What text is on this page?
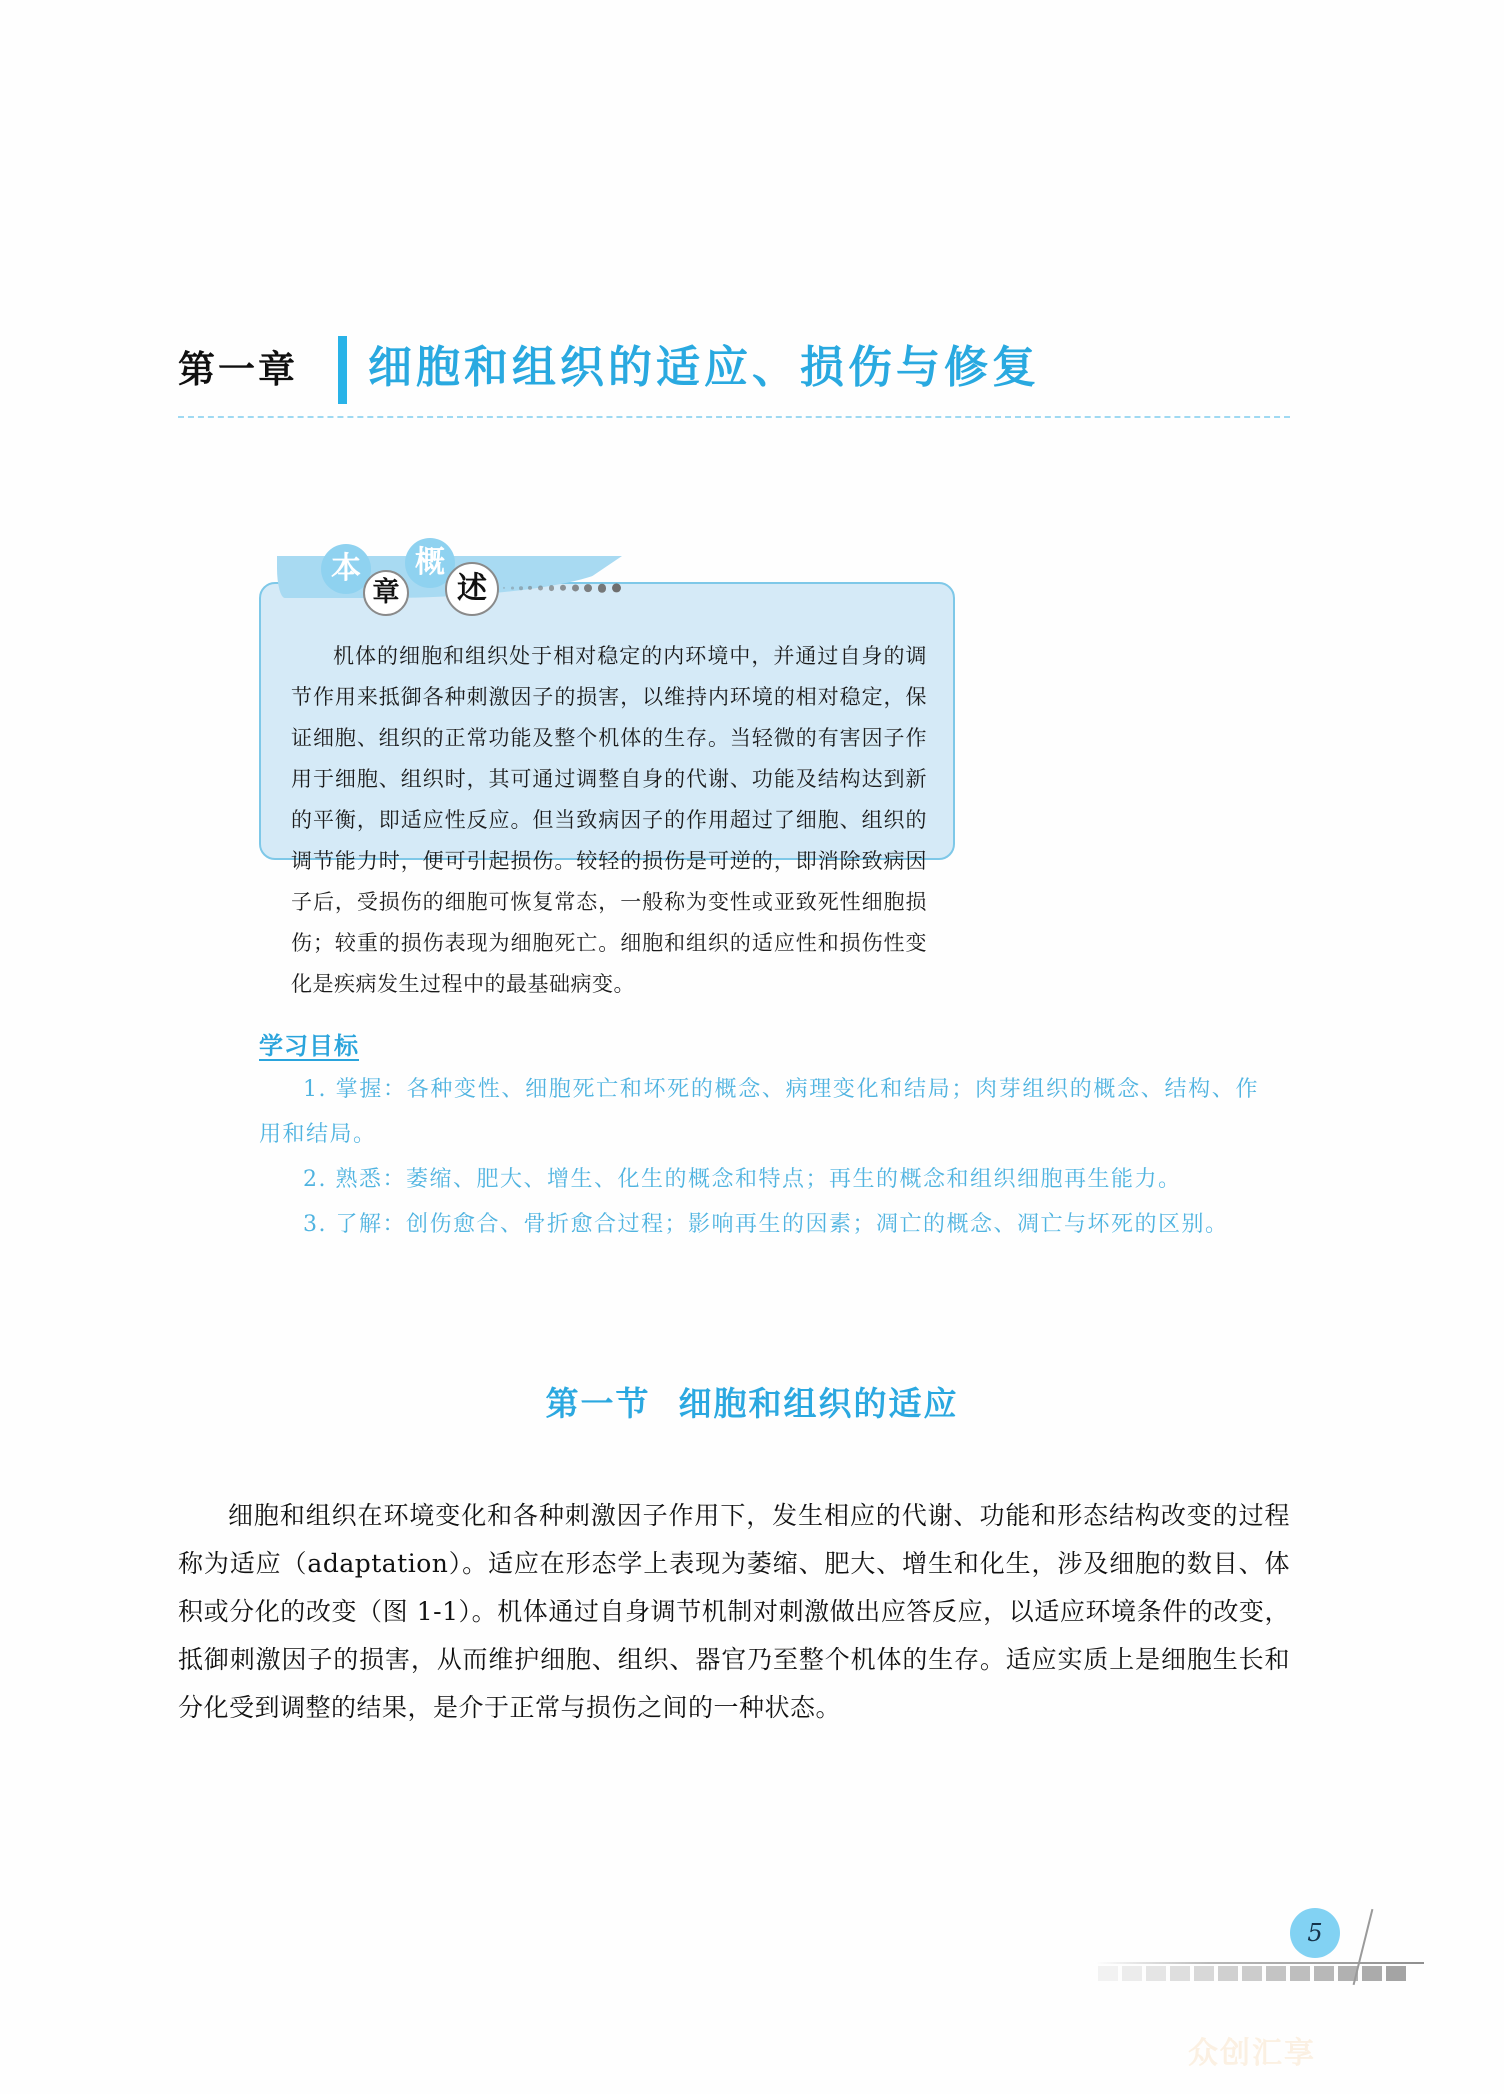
第一章 细胞和组织的适应、损伤与修复
机体的细胞和组织处于相对稳定的内环境中，并通过自身的调节作用来抵御各种刺激因子的损害，以维持内环境的相对稳定，保证细胞、组织的正常功能及整个机体的生存。当轻微的有害因子作用于细胞、组织时，其可通过调整自身的代谢、功能及结构达到新的平衡，即适应性反应。但当致病因子的作用超过了细胞、组织的调节能力时，便可引起损伤。较轻的损伤是可逆的，即消除致病因子后，受损伤的细胞可恢复常态，一般称为变性或亚致死性细胞损伤；较重的损伤表现为细胞死亡。细胞和组织的适应性和损伤性变化是疾病发生过程中的最基础病变。
本	概
章	述
学习目标
1. 掌握：各种变性、细胞死亡和坏死的概念、病理变化和结局；肉芽组织的概念、结构、作用和结局。
2. 熟悉：萎缩、肥大、增生、化生的概念和特点；再生的概念和组织细胞再生能力。
3. 了解：创伤愈合、骨折愈合过程；影响再生的因素；凋亡的概念、凋亡与坏死的区别。
第一节 细胞和组织的适应
细胞和组织在环境变化和各种刺激因子作用下，发生相应的代谢、功能和形态结构改变的过程称为适应（adaptation）。适应在形态学上表现为萎缩、肥大、增生和化生，涉及细胞的数目、体积或分化的改变（图 1-1）。机体通过自身调节机制对刺激做出应答反应，以适应环境条件的改变，抵御刺激因子的损害，从而维护细胞、组织、器官乃至整个机体的生存。适应实质上是细胞生长和分化受到调整的结果，是介于正常与损伤之间的一种状态。
5
众创汇享
